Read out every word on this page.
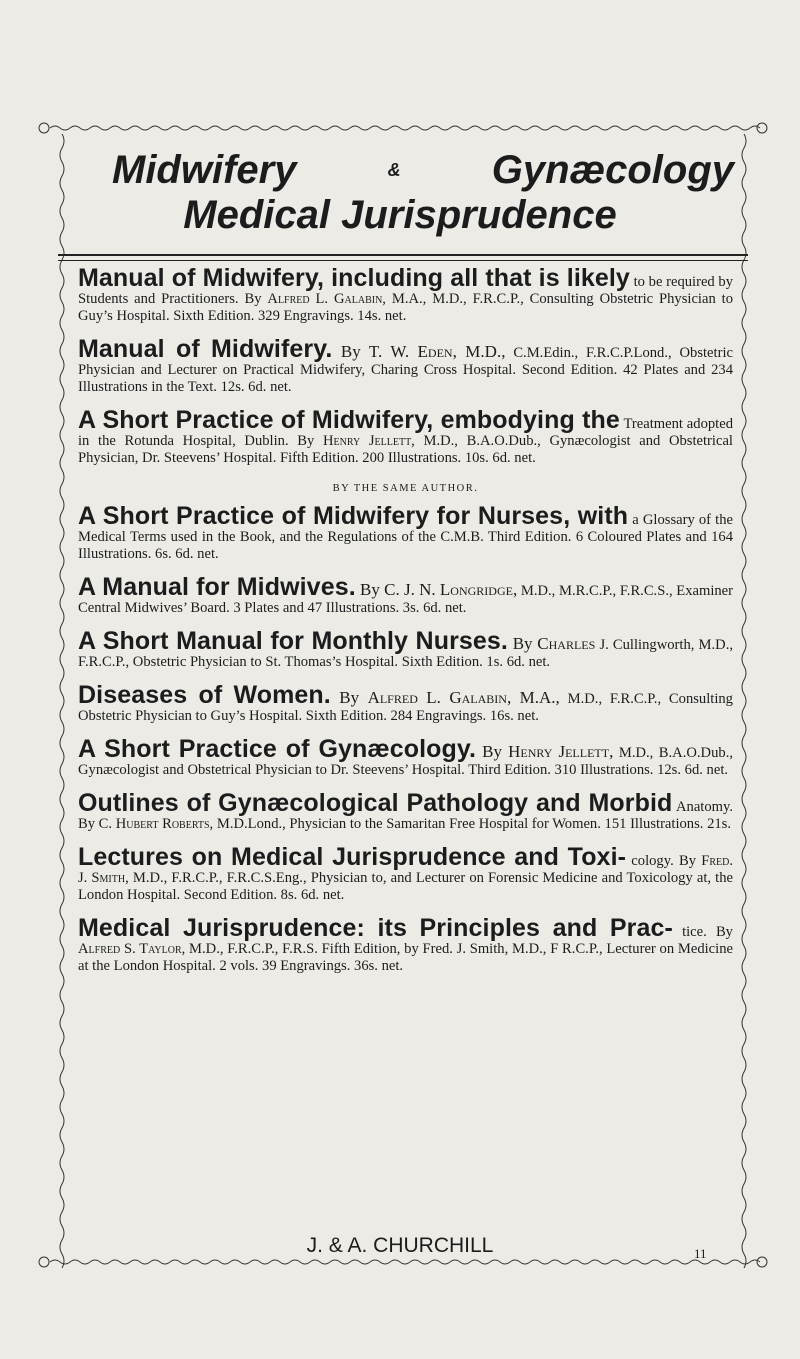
Midwifery	& Gynæcology
Medical Jurisprudence

Manual of Midwifery, including all that is likely to be required by Students and Practitioners. By Alfred L. Galabin, M.A., M.D., F.R.C.P., Consulting Obstetric Physician to Guy’s Hospital. Sixth Edition. 329 Engravings. 14s. net.

Manual of Midwifery. By T. W. Eden, M.D., C.M.Edin., F.R.C.P.Lond., Obstetric Physician and Lecturer on Practical Midwifery, Charing Cross Hospital. Second Edition. 42 Plates and 234 Illustrations in the Text. 12s. 6d. net.

A Short Practice of Midwifery, embodying the Treatment adopted in the Rotunda Hospital, Dublin. By Henry Jellett, M.D., B.A.O.Dub., Gynæcologist and Obstetrical Physician, Dr. Steevens’ Hospital. Fifth Edition. 200 Illustrations. 10s. 6d. net.

BY THE SAME AUTHOR.

A Short Practice of Midwifery for Nurses, with a Glossary of the Medical Terms used in the Book, and the Regulations of the C.M.B. Third Edition. 6 Coloured Plates and 164 Illustrations. 6s. 6d. net.

A Manual for Midwives. By C. J. N. Longridge, M.D., M.R.C.P., F.R.C.S., Examiner Central Midwives’ Board. 3 Plates and 47 Illustrations. 3s. 6d. net.

A Short Manual for Monthly Nurses. By Charles J. Cullingworth, M.D., F.R.C.P., Obstetric Physician to St. Thomas’s Hospital. Sixth Edition. 1s. 6d. net.

Diseases of Women. By Alfred L. Galabin, M.A., M.D., F.R.C.P., Consulting Obstetric Physician to Guy’s Hospital. Sixth Edition. 284 Engravings. 16s. net.

A Short Practice of Gynæcology. By Henry Jellett, M.D., B.A.O.Dub., Gynæcologist and Obstetrical Physician to Dr. Steevens’ Hospital. Third Edition. 310 Illustrations. 12s. 6d. net.

Outlines of Gynæcological Pathology and Morbid Anatomy. By C. Hubert Roberts, M.D.Lond., Physician to the Samaritan Free Hospital for Women. 151 Illustrations. 21s.

Lectures on Medical Jurisprudence and Toxi- cology. By Fred. J. Smith, M.D., F.R.C.P., F.R.C.S.Eng., Physician to, and Lecturer on Forensic Medicine and Toxicology at, the London Hospital. Second Edition. 8s. 6d. net.

Medical Jurisprudence: its Principles and Prac- tice. By Alfred S. Taylor, M.D., F.R.C.P., F.R.S. Fifth Edition, by Fred. J. Smith, M.D., F R.C.P., Lecturer on Medicine at the London Hospital. 2 vols. 39 Engravings. 36s. net.

J. & A. CHURCHILL	11
